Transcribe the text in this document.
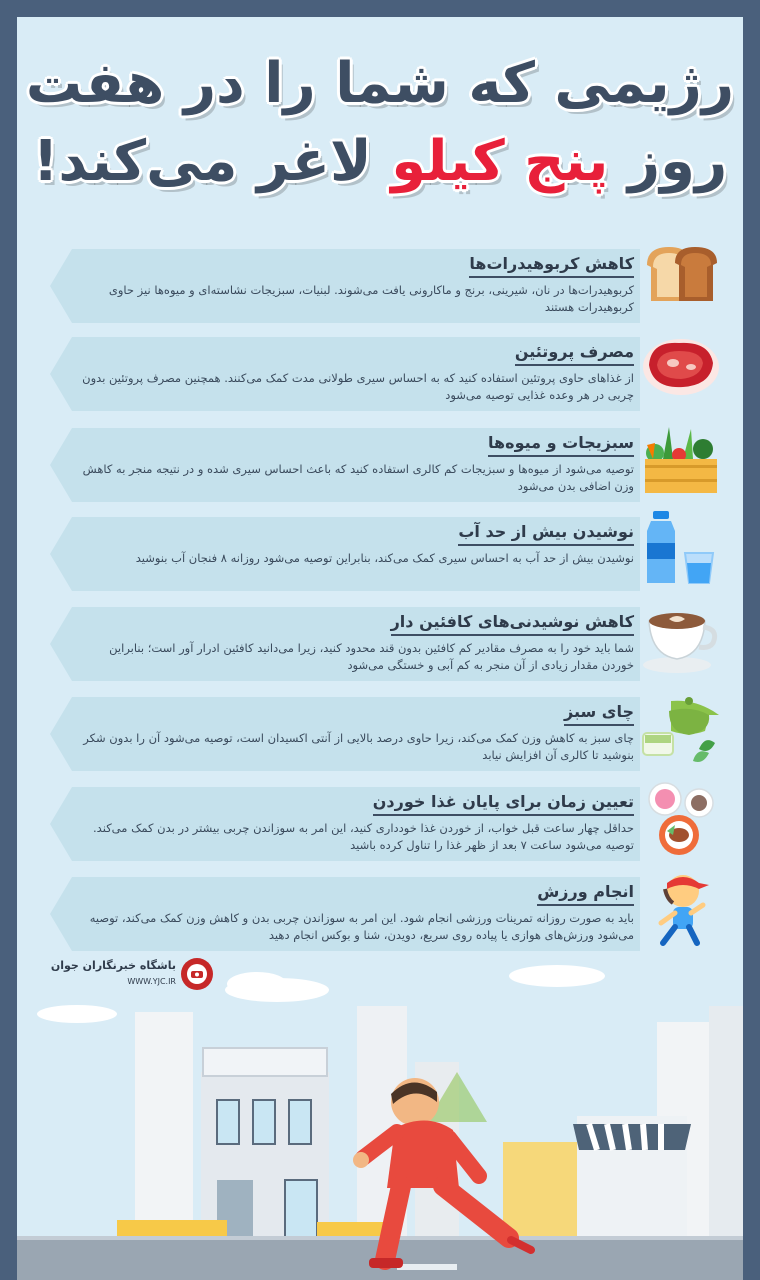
رژیمی که شما را در هفت
روز پنج کیلو لاغر می‌کند!
کاهش کربوهیدرات‌ها
کربوهیدرات‌ها در نان، شیرینی، برنج و ماکارونی یافت می‌شوند. لبنیات، سبزیجات نشاسته‌ای و میوه‌ها نیز حاوی کربوهیدرات هستند
مصرف پروتئین
از غذاهای حاوی پروتئین استفاده کنید که به احساس سیری طولانی مدت کمک می‌کنند. همچنین مصرف پروتئین بدون چربی در هر وعده غذایی توصیه می‌شود
سبزیجات و میوه‌ها
توصیه می‌شود از میوه‌ها و سبزیجات کم کالری استفاده کنید که باعث احساس سیری شده و در نتیجه منجر به کاهش وزن اضافی بدن می‌شود
نوشیدن بیش از حد آب
نوشیدن بیش از حد آب به احساس سیری کمک می‌کند، بنابراین توصیه می‌شود روزانه ۸ فنجان آب بنوشید
کاهش نوشیدنی‌های کافئین دار
شما باید خود را به مصرف مقادیر کم کافئین بدون قند محدود کنید، زیرا می‌دانید کافئین ادرار آور است؛ بنابراین خوردن مقدار زیادی از آن منجر به کم آبی و خستگی می‌شود
چای سبز
چای سبز به کاهش وزن کمک می‌کند، زیرا حاوی درصد بالایی از آنتی اکسیدان است، توصیه می‌شود آن را بدون شکر بنوشید تا کالری آن افزایش نیابد
تعیین زمان برای پایان غذا خوردن
حداقل چهار ساعت قبل خواب، از خوردن غذا خودداری کنید، این امر به سوزاندن چربی بیشتر در بدن کمک می‌کند. توصیه می‌شود ساعت ۷ بعد از ظهر غذا را تناول کرده باشید
انجام ورزش
باید به صورت روزانه تمرینات ورزشی انجام شود. این امر به سوزاندن چربی بدن و کاهش وزن کمک می‌کند، توصیه می‌شود ورزش‌های هوازی یا پیاده روی سریع، دویدن، شنا و بوکس انجام دهید
باشگاه خبرنگاران جوان
WWW.YJC.IR
